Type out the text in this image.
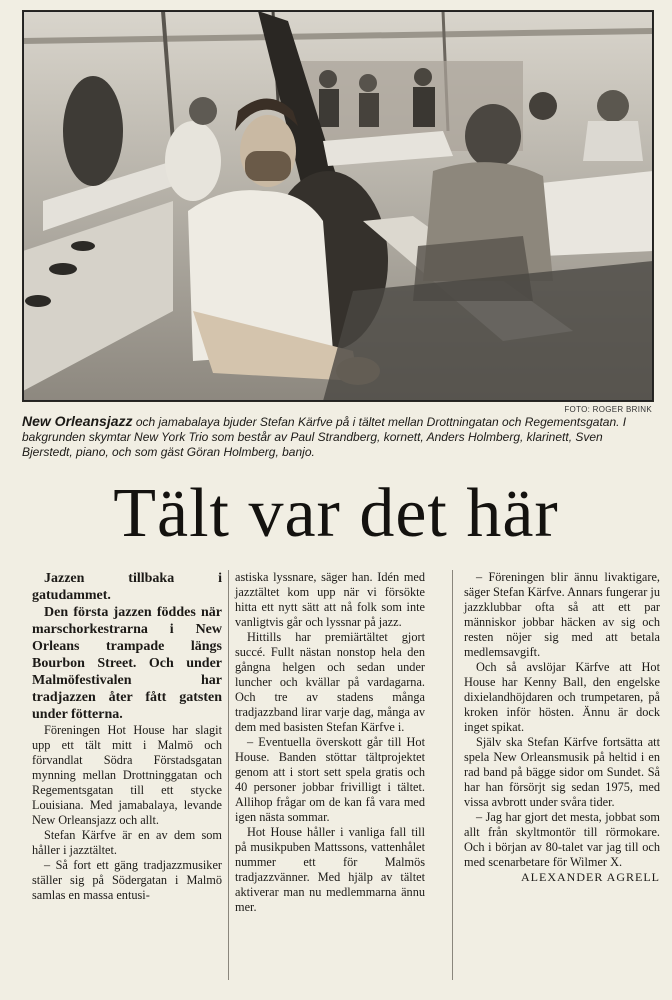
FOTO: ROGER BRINK
New Orleansjazz och jamabalaya bjuder Stefan Kärfve på i tältet mellan Drottningatan och Regementsgatan. I bakgrunden skymtar New York Trio som består av Paul Strandberg, kornett, Anders Holmberg, klarinett, Sven Bjerstedt, piano, och som gäst Göran Holmberg, banjo.
Tält var det här

Jazzen tillbaka i gatudammet.

Den första jazzen föddes när marschorkestrarna i New Orleans trampade längs Bourbon Street. Och under Malmöfestivalen har tradjazzen åter fått gatsten under fötterna.

Föreningen Hot House har slagit upp ett tält mitt i Malmö och förvandlat Södra Förstadsgatan mynning mellan Drottninggatan och Regementsgatan till ett stycke Louisiana. Med jamabalaya, levande New Orleansjazz och allt.

Stefan Kärfve är en av dem som håller i jazztältet.

– Så fort ett gäng tradjazzmusiker ställer sig på Södergatan i Malmö samlas en massa entusi-

astiska lyssnare, säger han. Idén med jazztältet kom upp när vi försökte hitta ett nytt sätt att nå folk som inte vanligtvis går och lyssnar på jazz.

Hittills har premiärtältet gjort succé. Fullt nästan nonstop hela den gångna helgen och sedan under luncher och kvällar på vardagarna. Och tre av stadens många tradjazzband lirar varje dag, många av dem med basisten Stefan Kärfve i.

– Eventuella överskott går till Hot House. Banden stöttar tältprojektet genom att i stort sett spela gratis och 40 personer jobbar frivilligt i tältet. Allihop frågar om de kan få vara med igen nästa sommar.

Hot House håller i vanliga fall till på musikpuben Mattssons, vattenhålet nummer ett för Malmös tradjazzvänner. Med hjälp av tältet aktiverar man nu medlemmarna ännu mer.

– Föreningen blir ännu livaktigare, säger Stefan Kärfve. Annars fungerar ju jazzklubbar ofta så att ett par människor jobbar häcken av sig och resten nöjer sig med att betala medlemsavgift.

Och så avslöjar Kärfve att Hot House har Kenny Ball, den engelske dixielandhöjdaren och trumpetaren, på kroken inför hösten. Ännu är dock inget spikat.

Själv ska Stefan Kärfve fortsätta att spela New Orleansmusik på heltid i en rad band på bägge sidor om Sundet. Så har han försörjt sig sedan 1975, med vissa avbrott under svåra tider.

– Jag har gjort det mesta, jobbat som allt från skyltmontör till rörmokare. Och i början av 80-talet var jag till och med scenarbetare för Wilmer X.

ALEXANDER AGRELL
